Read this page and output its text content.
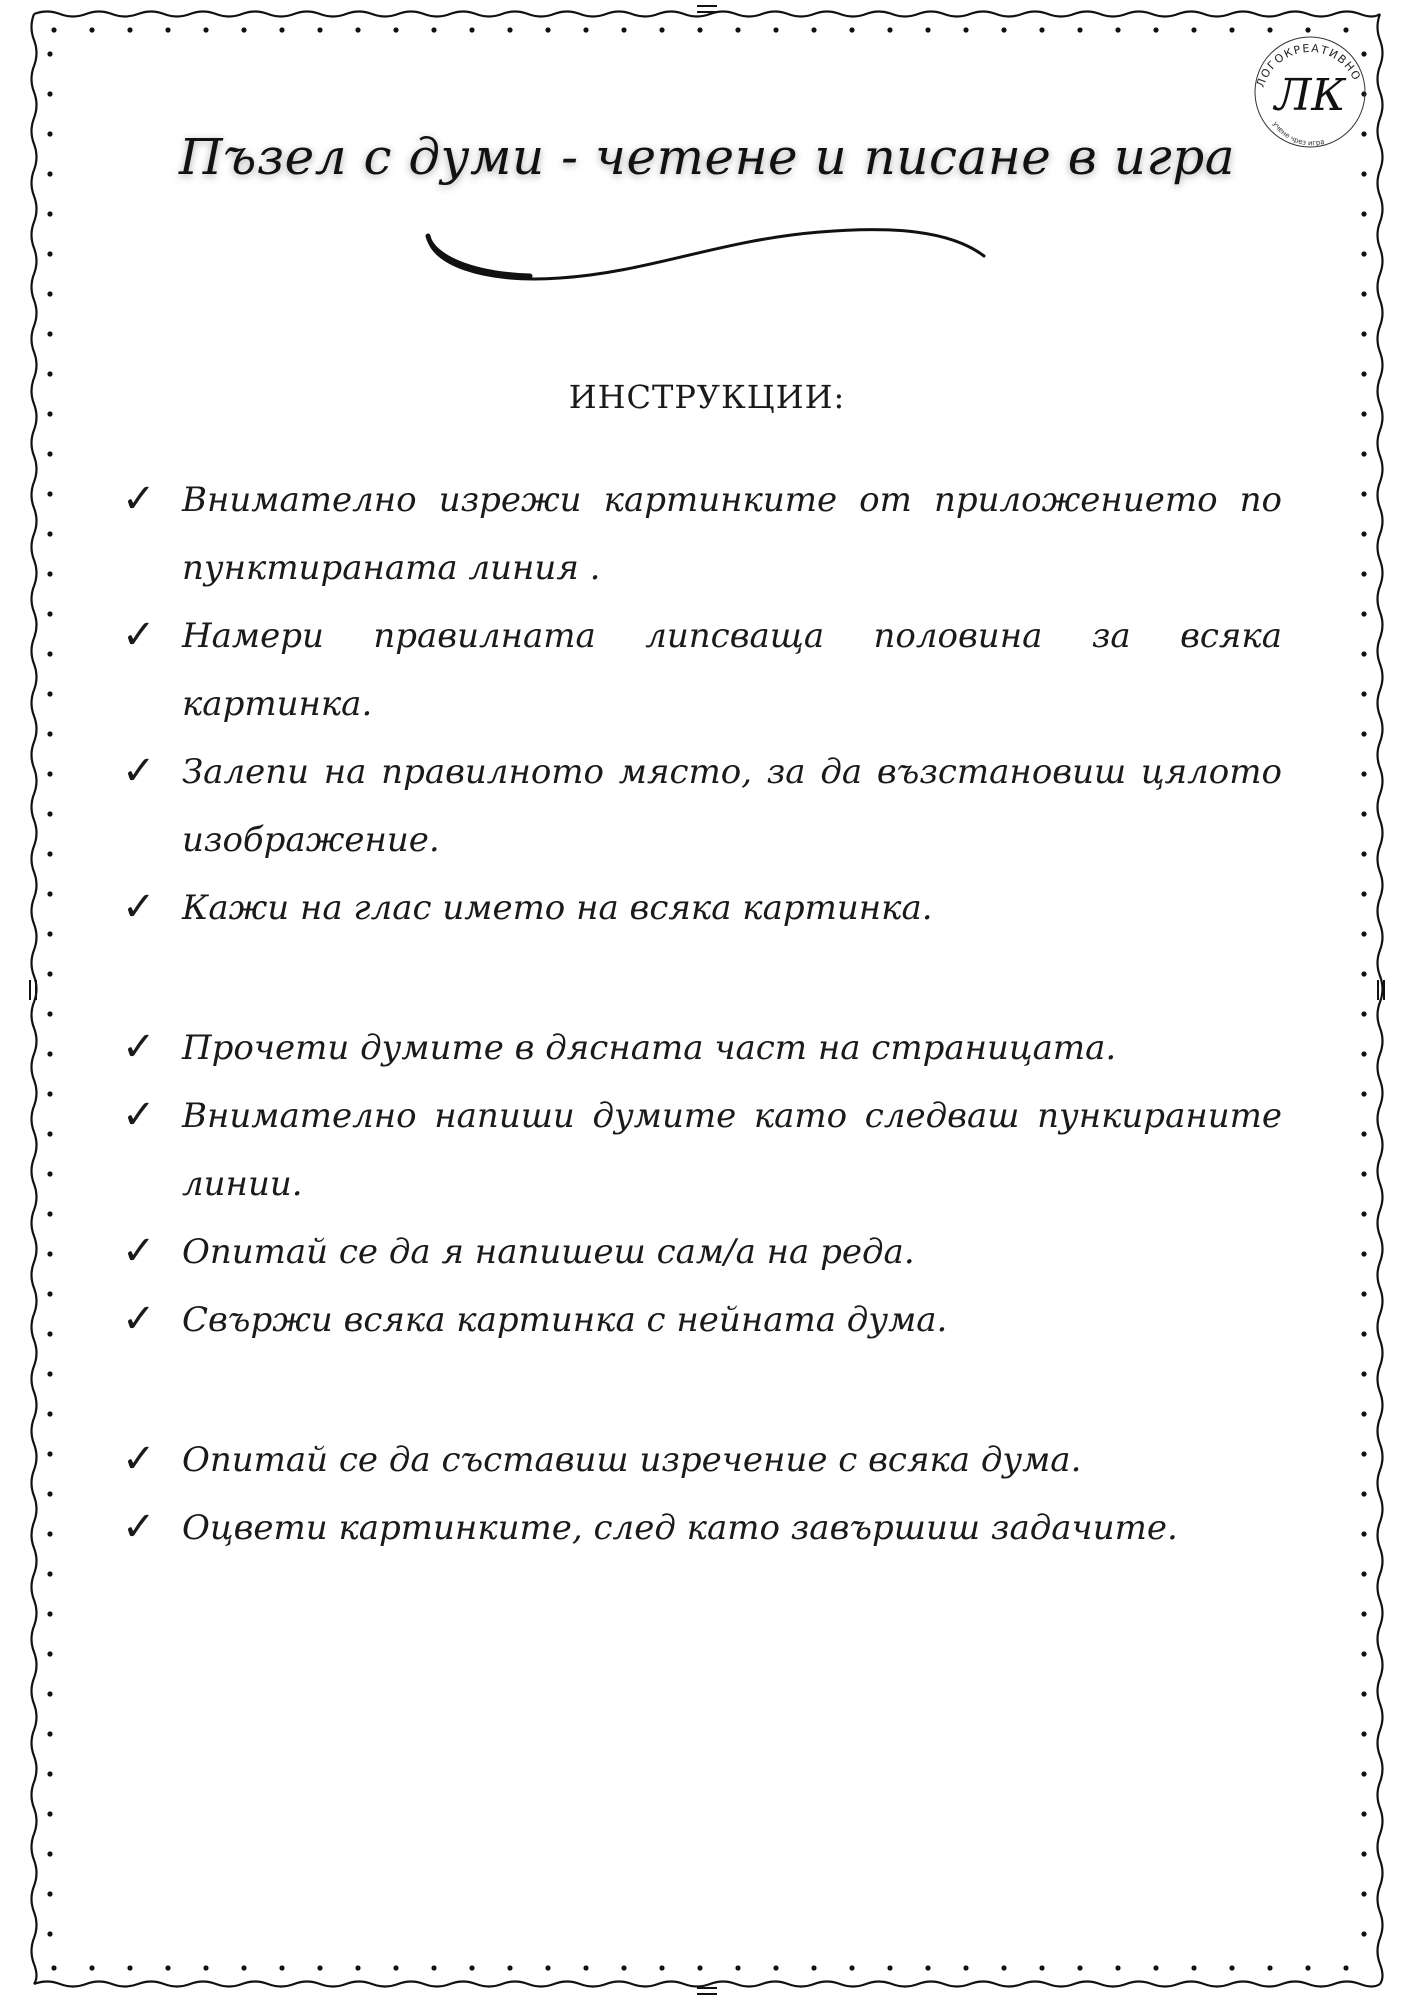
ЛОГОКРЕАТИВНО
ЛК
учене чрез игра
Пъзел с думи - четене и писане в игра
ИНСТРУКЦИИ:
✓ Внимателно изрежи картинките от приложението по пунктираната линия .
✓ Намери правилната липсваща половина за всяка картинка.
✓ Залепи на правилното място, за да възстановиш цялото изображение.
✓ Кажи на глас името на всяка картинка.
✓ Прочети думите в дясната част на страницата.
✓ Внимателно напиши думите като следваш пункираните линии.
✓ Опитай се да я напишеш сам/а на реда.
✓ Свържи всяка картинка с нейната дума.
✓ Опитай се да съставиш изречение с всяка дума.
✓ Оцвети картинките, след като завършиш задачите.
